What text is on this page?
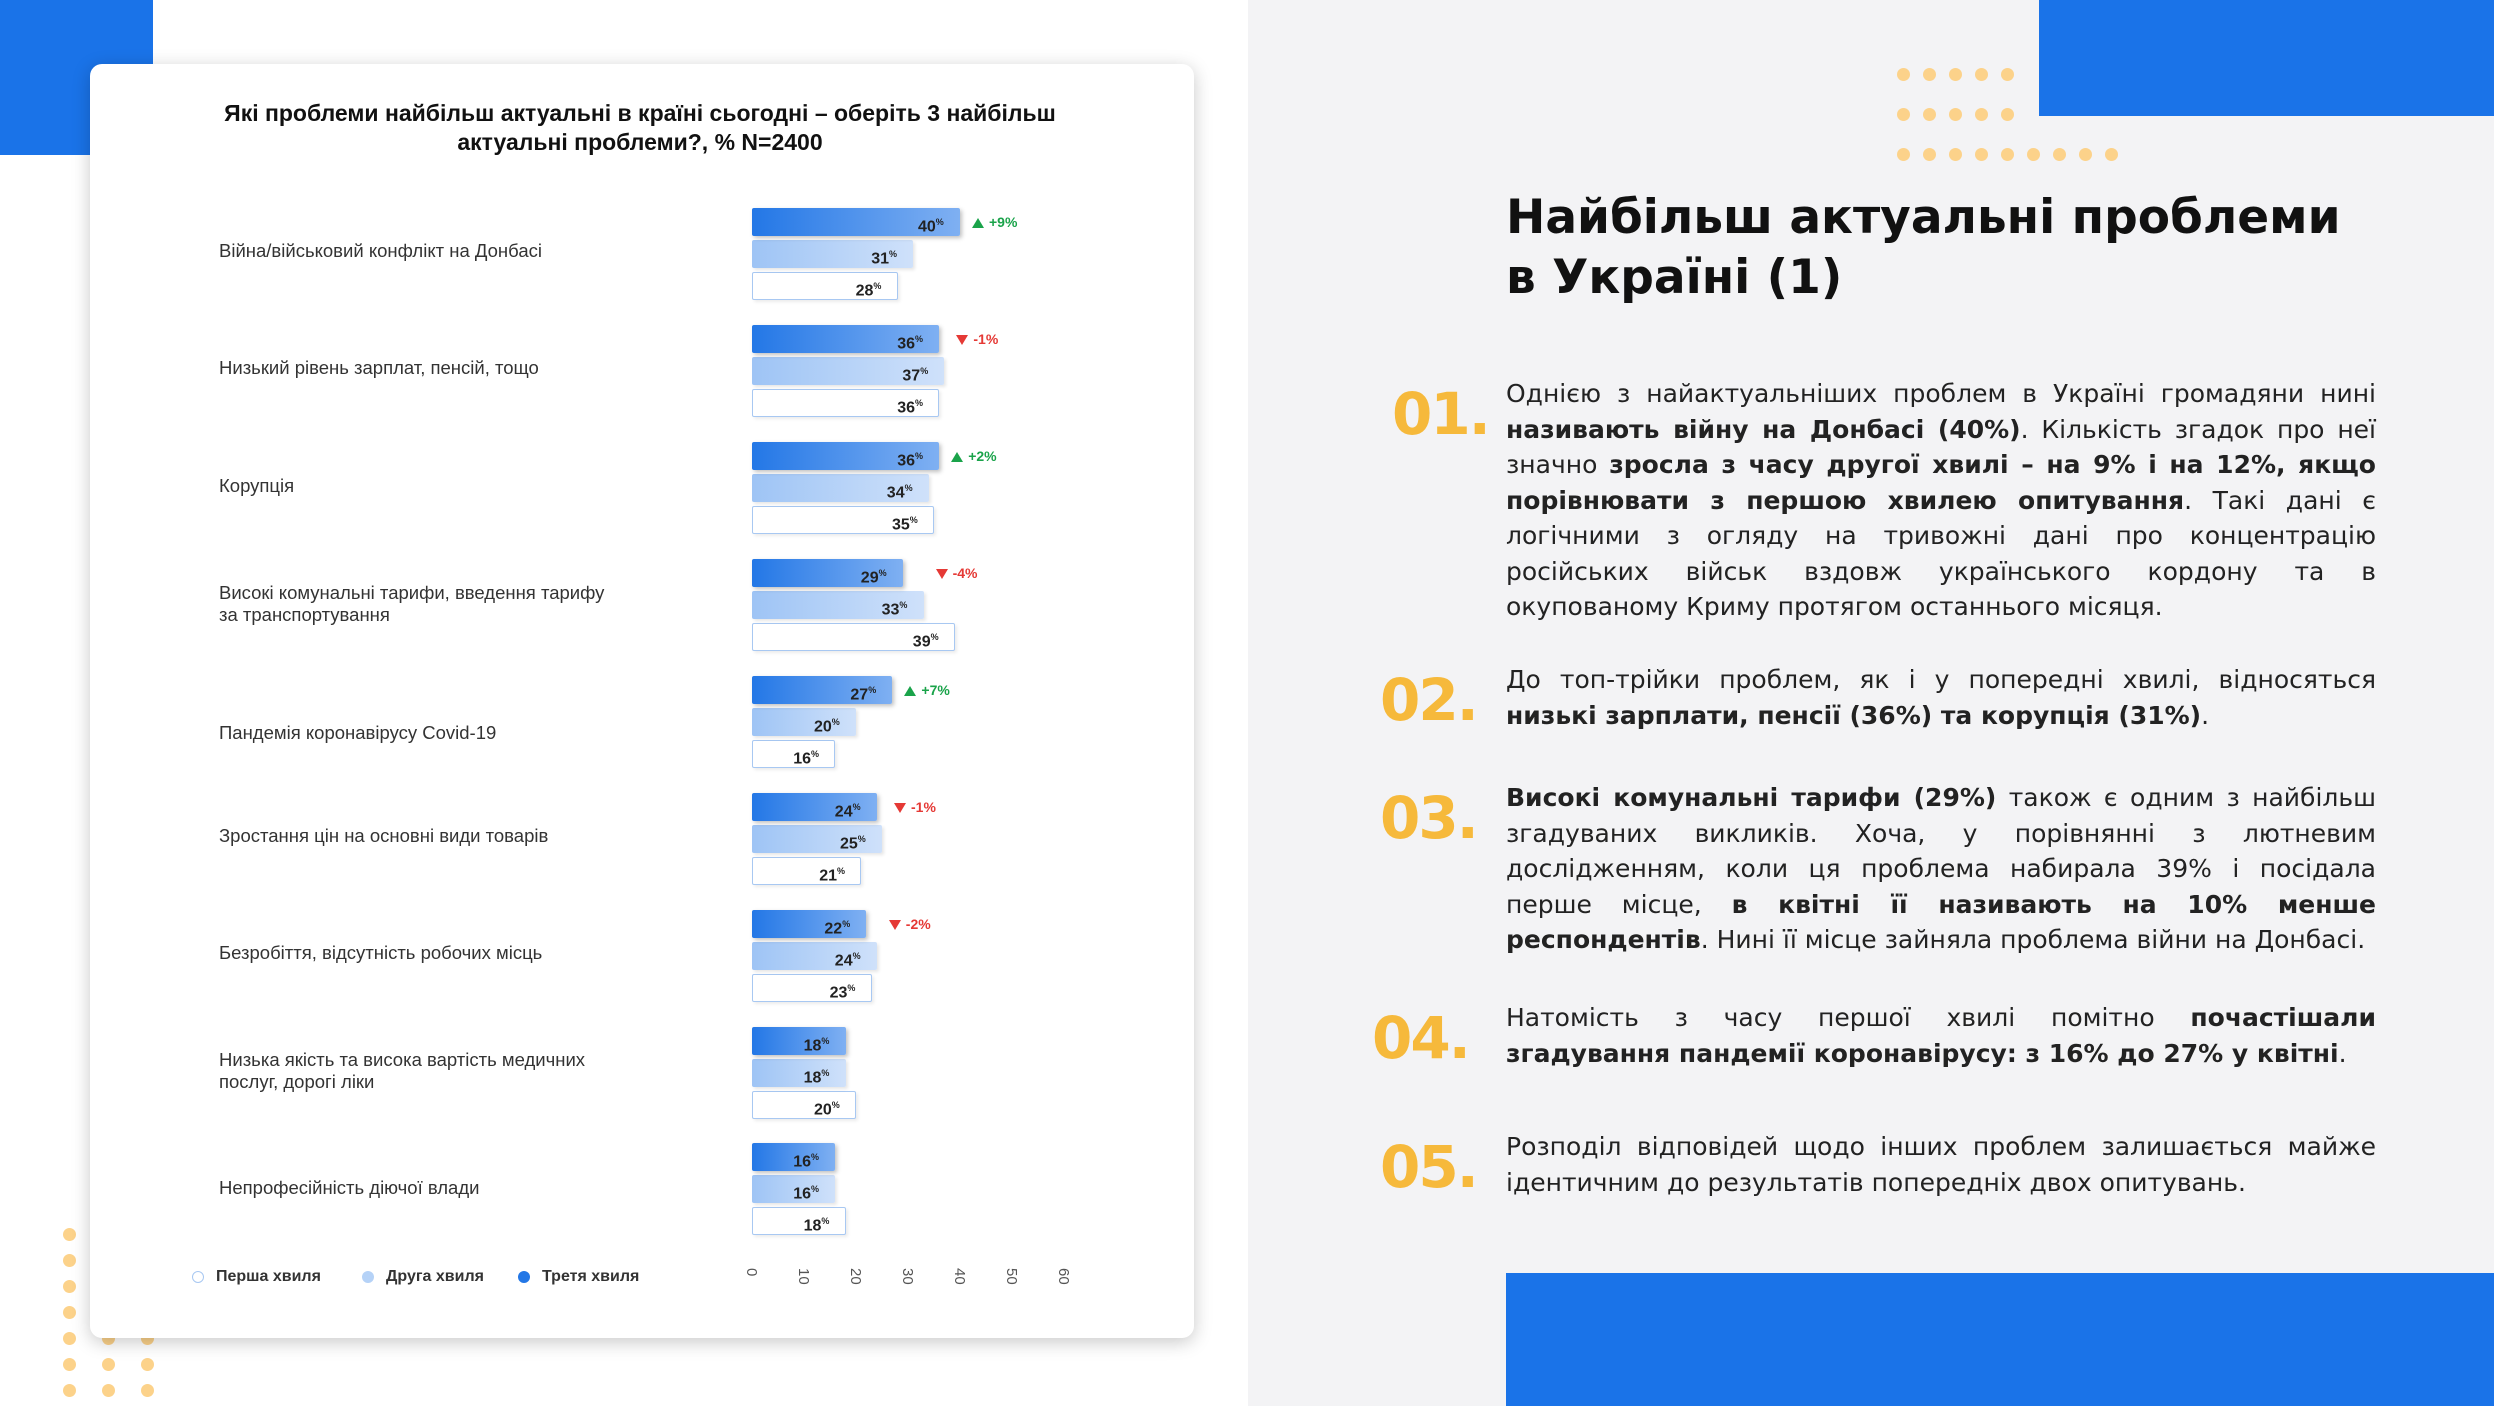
Які проблеми найбільш актуальні в країні сьогодні – оберіть 3 найбільш актуальні проблеми?, % N=2400
Війна/військовий конфлікт на Донбасі
28%
31%
40%	+9%
Низький рівень зарплат, пенсій, тощо
36%
37%
36%	-1%
Корупція
35%
34%
36%	+2%
Високі комунальні тарифи, введення тарифу за транспортування
39%
33%
29%	-4%
Пандемія коронавірусу Covid-19
16%
20%
27%	+7%
Зростання цін на основні види товарів
21%
25%
24%	-1%
Безробіття, відсутність робочих місць
23%
24%
22%	-2%
Низька якість та висока вартість медичних послуг, дорогі ліки
20%
18%
18%
Непрофесійність діючої влади
18%
16%
16%
0 10 20 30 40 50 60
Перша хвиля	Друга хвиля	Третя хвиля
Найбільш актуальні проблеми
в Україні (1)
01. Однією з найактуальніших проблем в Україні громадяни нині називають війну на Донбасі (40%). Кількість згадок про неї значно зросла з часу другої хвилі – на 9% і на 12%, якщо порівнювати з першою хвилею опитування. Такі дані є логічними з огляду на тривожні дані про концентрацію російських військ вздовж українського кордону та в окупованому Криму протягом останнього місяця.
02. До топ-трійки проблем, як і у попередні хвилі, відносяться низькі зарплати, пенсії (36%) та корупція (31%).
03. Високі комунальні тарифи (29%) також є одним з найбільш згадуваних викликів. Хоча, у порівнянні з лютневим дослідженням, коли ця проблема набирала 39% і посідала перше місце, в квітні її називають на 10% менше респондентів. Нині її місце зайняла проблема війни на Донбасі.
04. Натомість з часу першої хвилі помітно почастішали згадування пандемії коронавірусу: з 16% до 27% у квітні.
05. Розподіл відповідей щодо інших проблем залишається майже ідентичним до результатів попередніх двох опитувань.
